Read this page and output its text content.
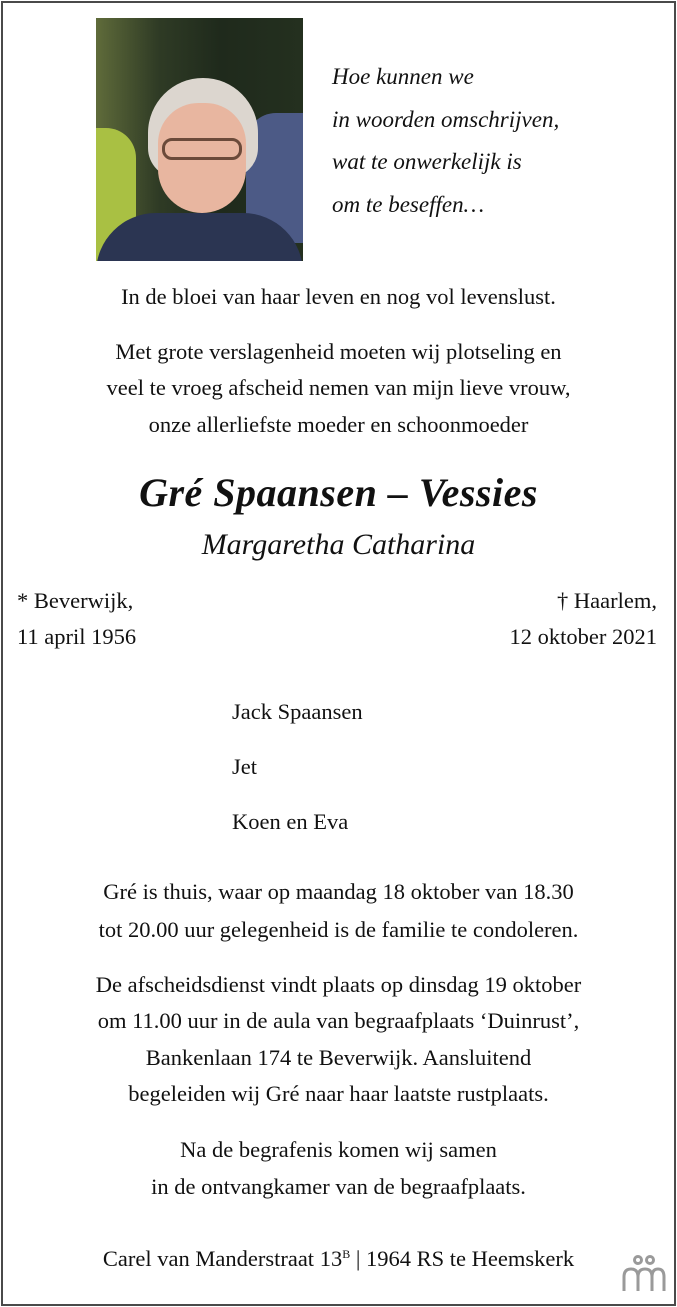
Hoe kunnen we
in woorden omschrijven,
wat te onwerkelijk is
om te beseffen…
In de bloei van haar leven en nog vol levenslust.
Met grote verslagenheid moeten wij plotseling en
veel te vroeg afscheid nemen van mijn lieve vrouw,
onze allerliefste moeder en schoonmoeder
Gré Spaansen – Vessies
Margaretha Catharina
* Beverwijk,
11 april 1956
† Haarlem,
12 oktober 2021
Jack Spaansen
Jet
Koen en Eva
Gré is thuis, waar op maandag 18 oktober van 18.30
tot 20.00 uur gelegenheid is de familie te condoleren.
De afscheidsdienst vindt plaats op dinsdag 19 oktober
om 11.00 uur in de aula van begraafplaats ‘Duinrust’,
Bankenlaan 174 te Beverwijk. Aansluitend
begeleiden wij Gré naar haar laatste rustplaats.
Na de begrafenis komen wij samen
in de ontvangkamer van de begraafplaats.
Carel van Manderstraat $13^B$ | 1964 RS te Heemskerk
